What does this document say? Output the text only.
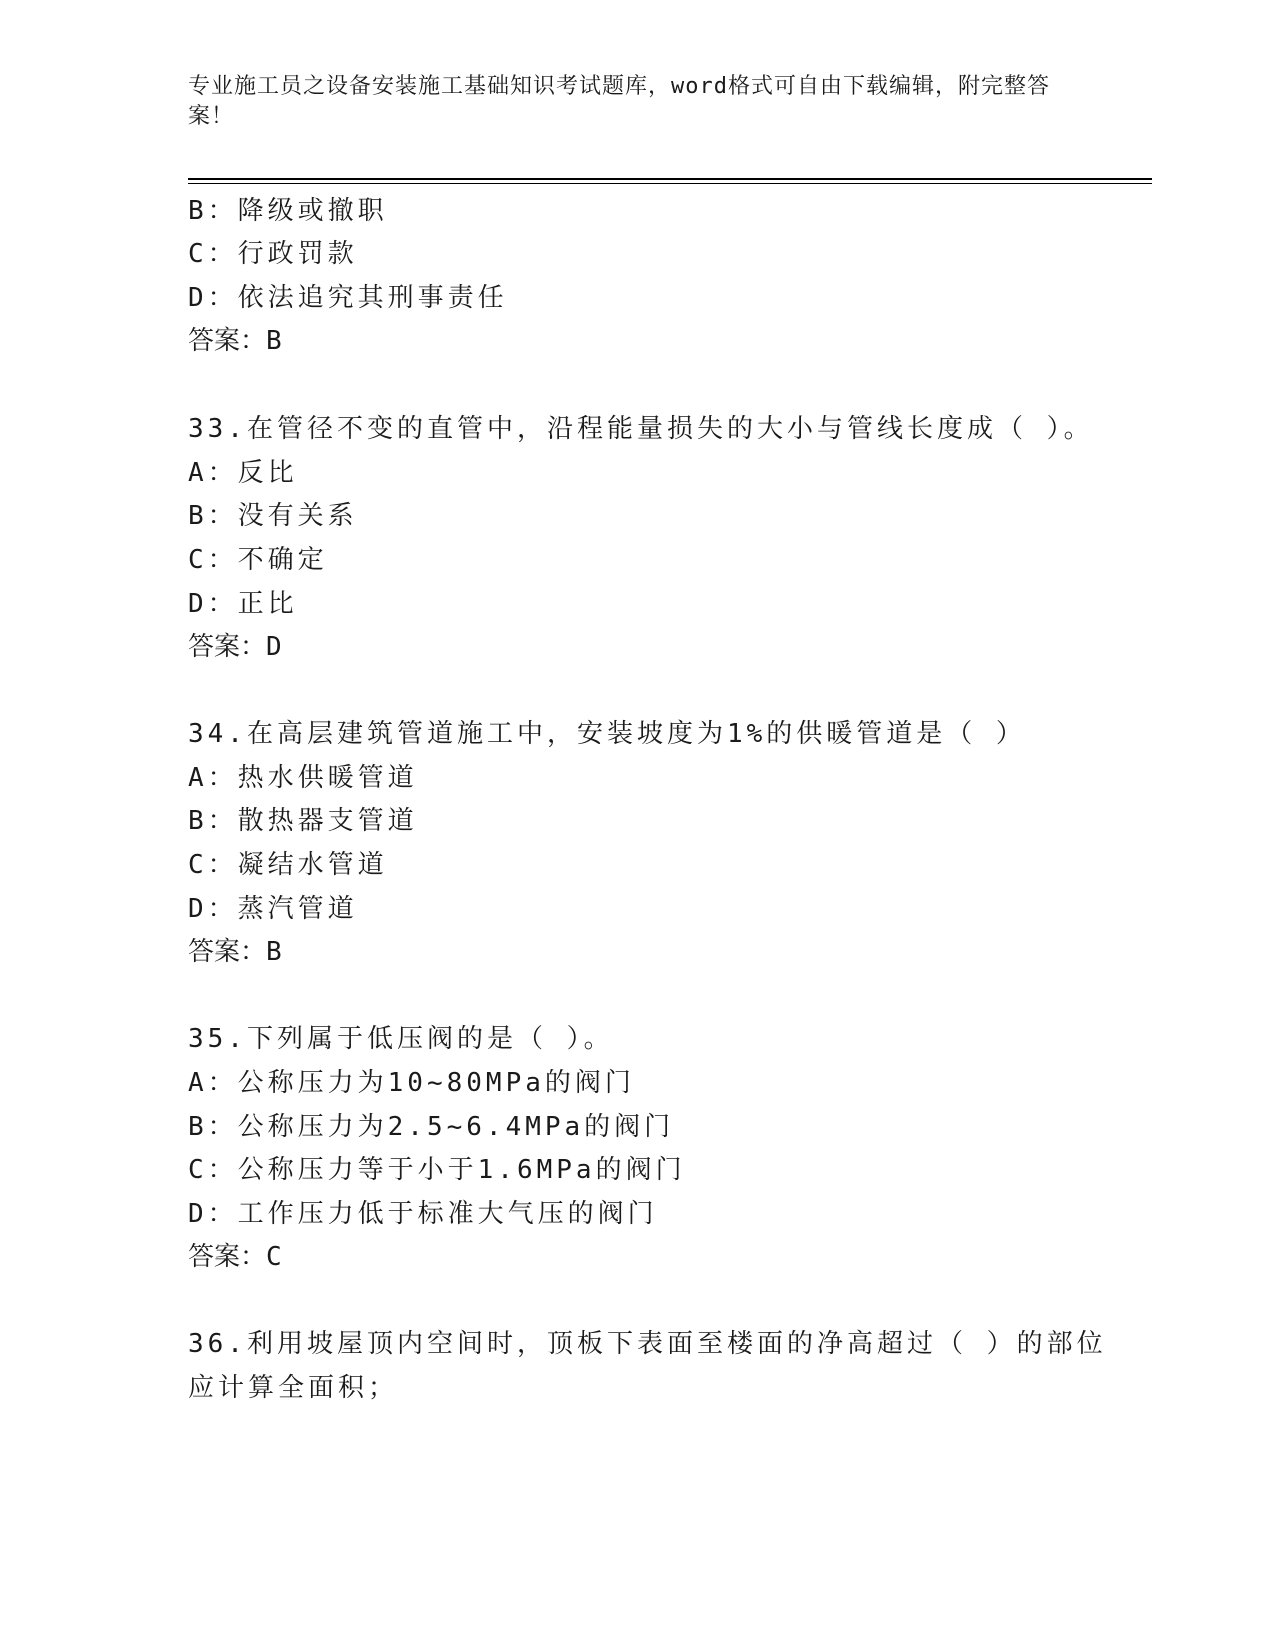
专业施工员之设备安装施工基础知识考试题库，word格式可自由下载编辑，附完整答案！
B：降级或撤职
C：行政罚款
D：依法追究其刑事责任
答案：B
33.在管径不变的直管中，沿程能量损失的大小与管线长度成（ ）。
A：反比
B：没有关系
C：不确定
D：正比
答案：D
34.在高层建筑管道施工中，安装坡度为1%的供暖管道是（ ）
A：热水供暖管道
B：散热器支管道
C：凝结水管道
D：蒸汽管道
答案：B
35.下列属于低压阀的是（ ）。
A：公称压力为10~80MPa的阀门
B：公称压力为2.5~6.4MPa的阀门
C：公称压力等于小于1.6MPa的阀门
D：工作压力低于标准大气压的阀门
答案：C
36.利用坡屋顶内空间时，顶板下表面至楼面的净高超过（ ）的部位
应计算全面积；
